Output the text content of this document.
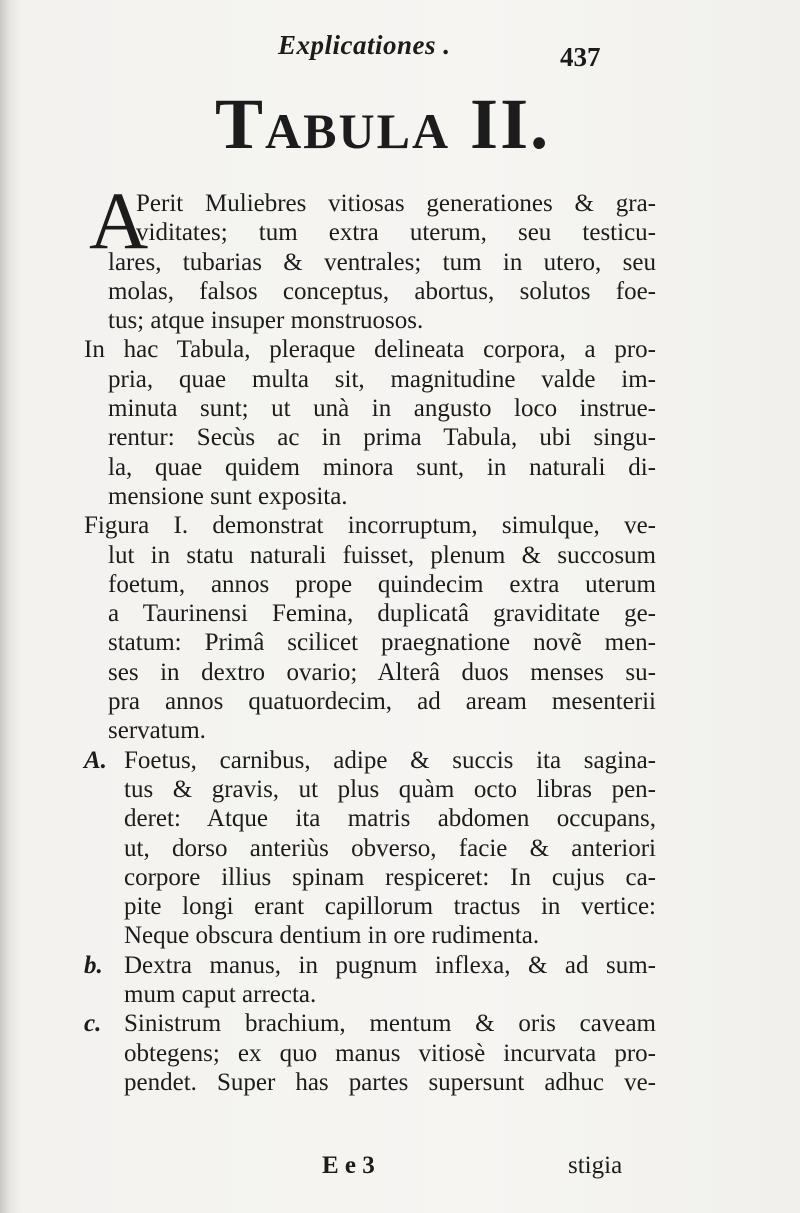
Explicationes .	437
Tabula II.
A
Perit Muliebres vitiosas generationes & gra-
viditates; tum extra uterum, seu testicu-
lares, tubarias & ventrales; tum in utero, seu
molas, falsos conceptus, abortus, solutos foe-
tus; atque insuper monstruosos.
In hac Tabula, pleraque delineata corpora, a pro-
pria, quae multa sit, magnitudine valde im-
minuta sunt; ut unà in angusto loco instrue-
rentur: Secùs ac in prima Tabula, ubi singu-
la, quae quidem minora sunt, in naturali di-
mensione sunt exposita.
Figura I. demonstrat incorruptum, simulque, ve-
lut in statu naturali fuisset, plenum & succosum
foetum, annos prope quindecim extra uterum
a Taurinensi Femina, duplicatâ graviditate ge-
statum: Primâ scilicet praegnatione novẽ men-
ses in dextro ovario; Alterâ duos menses su-
pra annos quatuordecim, ad aream mesenterii
servatum.
A. Foetus, carnibus, adipe & succis ita sagina-
tus & gravis, ut plus quàm octo libras pen-
deret: Atque ita matris abdomen occupans,
ut, dorso anteriùs obverso, facie & anteriori
corpore illius spinam respiceret: In cujus ca-
pite longi erant capillorum tractus in vertice:
Neque obscura dentium in ore rudimenta.
b. Dextra manus, in pugnum inflexa, & ad sum-
mum caput arrecta.
c. Sinistrum brachium, mentum & oris caveam
obtegens; ex quo manus vitiosè incurvata pro-
pendet. Super has partes supersunt adhuc ve-
E e 3	stigia
